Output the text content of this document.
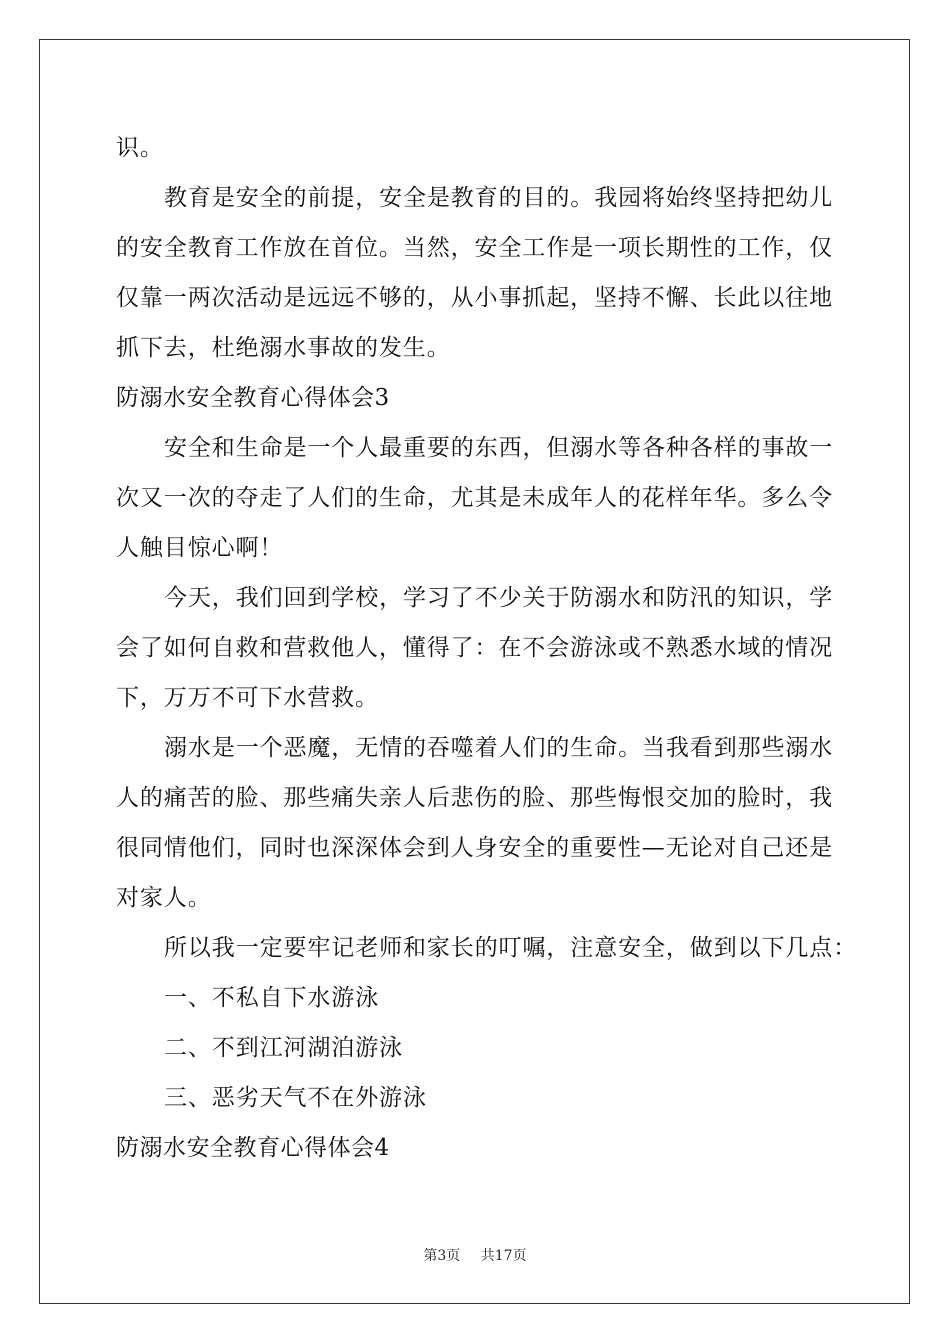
识。
教育是安全的前提，安全是教育的目的。我园将始终坚持把幼儿
的安全教育工作放在首位。当然，安全工作是一项长期性的工作，仅
仅靠一两次活动是远远不够的，从小事抓起，坚持不懈、长此以往地
抓下去，杜绝溺水事故的发生。
防溺水安全教育心得体会3
安全和生命是一个人最重要的东西，但溺水等各种各样的事故一
次又一次的夺走了人们的生命，尤其是未成年人的花样年华。多么令
人触目惊心啊！
今天，我们回到学校，学习了不少关于防溺水和防汛的知识，学
会了如何自救和营救他人，懂得了：在不会游泳或不熟悉水域的情况
下，万万不可下水营救。
溺水是一个恶魔，无情的吞噬着人们的生命。当我看到那些溺水
人的痛苦的脸、那些痛失亲人后悲伤的脸、那些悔恨交加的脸时，我
很同情他们，同时也深深体会到人身安全的重要性—无论对自己还是
对家人。
所以我一定要牢记老师和家长的叮嘱，注意安全，做到以下几点：
一、不私自下水游泳
二、不到江河湖泊游泳
三、恶劣天气不在外游泳
防溺水安全教育心得体会4
第3页 共17页
